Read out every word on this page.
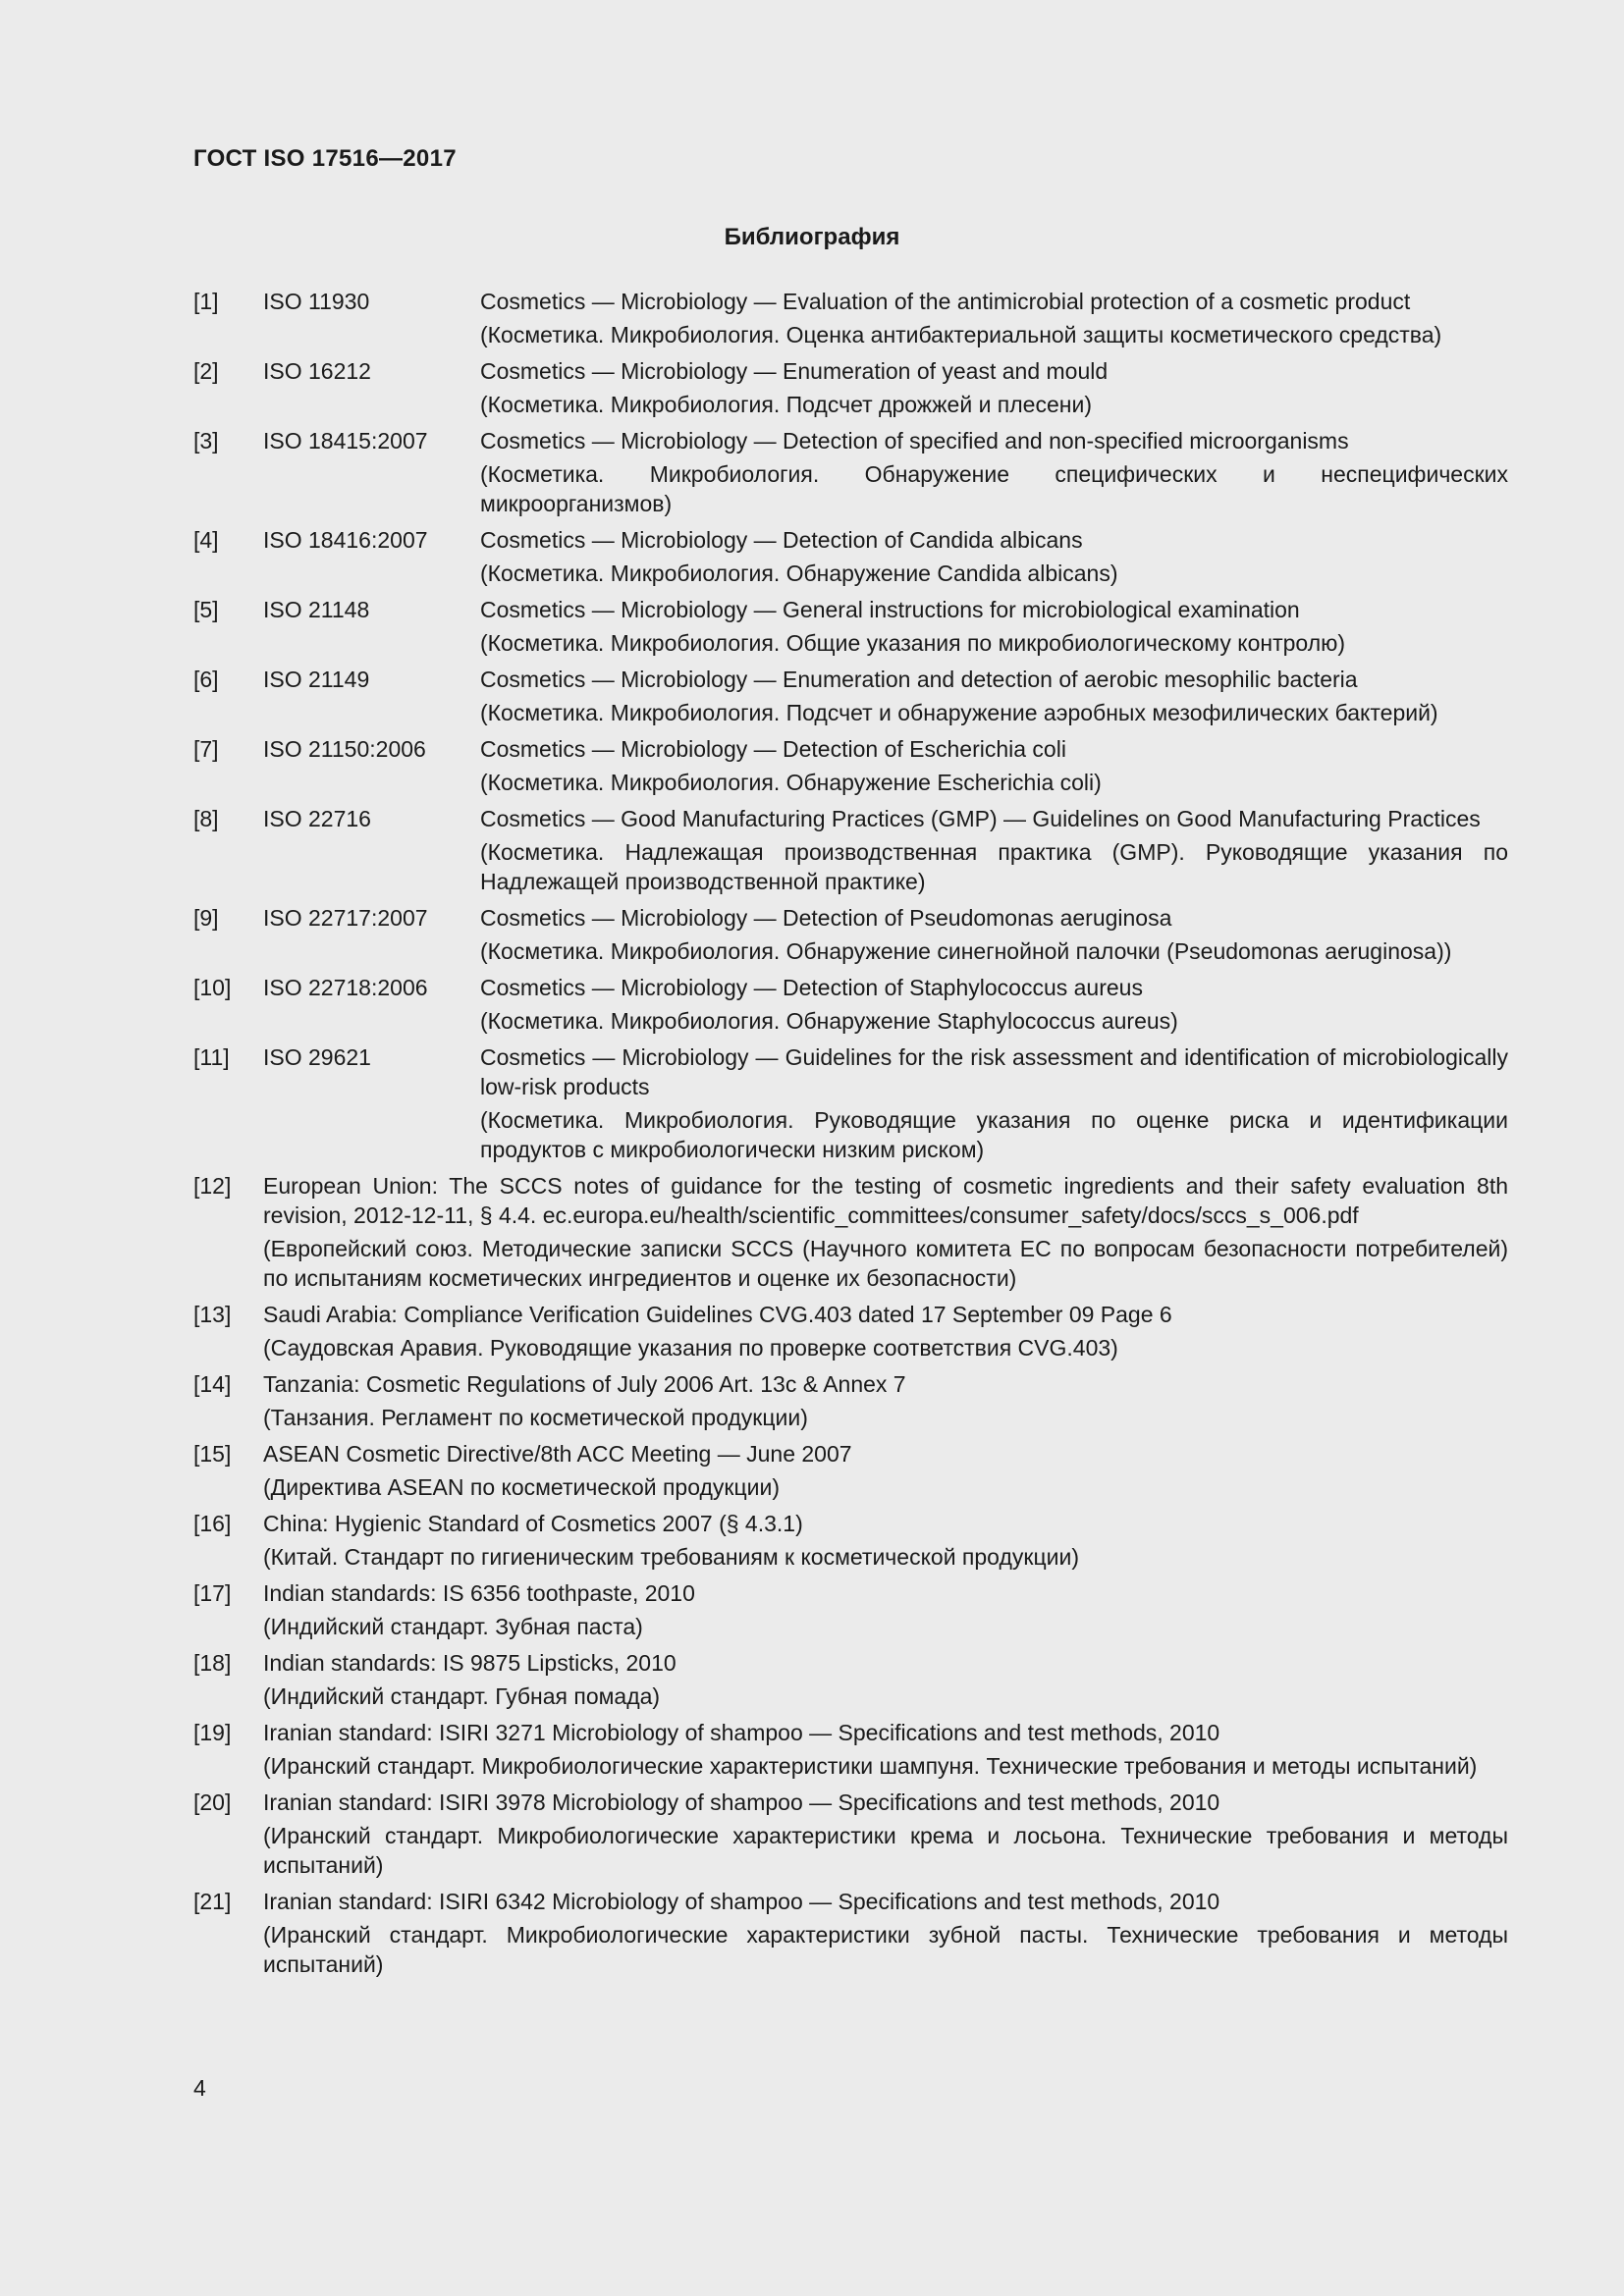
ГОСТ ISO 17516—2017
Библиография
[1]	ISO 11930	Cosmetics — Microbiology — Evaluation of the antimicrobial protection of a cosmetic product
(Косметика. Микробиология. Оценка антибактериальной защиты косметического средства)
[2]	ISO 16212	Cosmetics — Microbiology — Enumeration of yeast and mould
(Косметика. Микробиология. Подсчет дрожжей и плесени)
[3]	ISO 18415:2007	Cosmetics — Microbiology — Detection of specified and non-specified microorganisms
(Косметика. Микробиология. Обнаружение специфических и неспецифических микроорганизмов)
[4]	ISO 18416:2007	Cosmetics — Microbiology — Detection of Candida albicans
(Косметика. Микробиология. Обнаружение Candida albicans)
[5]	ISO 21148	Cosmetics — Microbiology — General instructions for microbiological examination
(Косметика. Микробиология. Общие указания по микробиологическому контролю)
[6]	ISO 21149	Cosmetics — Microbiology — Enumeration and detection of aerobic mesophilic bacteria
(Косметика. Микробиология. Подсчет и обнаружение аэробных мезофилических бактерий)
[7]	ISO 21150:2006	Cosmetics — Microbiology — Detection of Escherichia coli
(Косметика. Микробиология. Обнаружение Escherichia coli)
[8]	ISO 22716	Cosmetics — Good Manufacturing Practices (GMP) — Guidelines on Good Manufacturing Practices
(Косметика. Надлежащая производственная практика (GMP). Руководящие указания по Надлежащей производственной практике)
[9]	ISO 22717:2007	Cosmetics — Microbiology — Detection of Pseudomonas aeruginosa
(Косметика. Микробиология. Обнаружение синегнойной палочки (Pseudomonas aeruginosa))
[10]	ISO 22718:2006	Cosmetics — Microbiology — Detection of Staphylococcus aureus
(Косметика. Микробиология. Обнаружение Staphylococcus aureus)
[11]	ISO 29621	Cosmetics — Microbiology — Guidelines for the risk assessment and identification of microbiologically low-risk products
(Косметика. Микробиология. Руководящие указания по оценке риска и идентификации продуктов с микробиологически низким риском)
[12]	European Union: The SCCS notes of guidance for the testing of cosmetic ingredients and their safety evaluation 8th revision, 2012-12-11, § 4.4. ec.europa.eu/health/scientific_committees/consumer_safety/docs/sccs_s_006.pdf
(Европейский союз. Методические записки SCCS (Научного комитета ЕС по вопросам безопасности потребителей) по испытаниям косметических ингредиентов и оценке их безопасности)
[13]	Saudi Arabia: Compliance Verification Guidelines CVG.403 dated 17 September 09 Page 6
(Саудовская Аравия. Руководящие указания по проверке соответствия CVG.403)
[14]	Tanzania: Cosmetic Regulations of July 2006 Art. 13c & Annex 7
(Танзания. Регламент по косметической продукции)
[15]	ASEAN Cosmetic Directive/8th ACC Meeting — June 2007
(Директива ASEAN по косметической продукции)
[16]	China: Hygienic Standard of Cosmetics 2007 (§ 4.3.1)
(Китай. Стандарт по гигиеническим требованиям к косметической продукции)
[17]	Indian standards: IS 6356 toothpaste, 2010
(Индийский стандарт. Зубная паста)
[18]	Indian standards: IS 9875 Lipsticks, 2010
(Индийский стандарт. Губная помада)
[19]	Iranian standard: ISIRI 3271 Microbiology of shampoo — Specifications and test methods, 2010
(Иранский стандарт. Микробиологические характеристики шампуня. Технические требования и методы испытаний)
[20]	Iranian standard: ISIRI 3978 Microbiology of shampoo — Specifications and test methods, 2010
(Иранский стандарт. Микробиологические характеристики крема и лосьона. Технические требования и методы испытаний)
[21]	Iranian standard: ISIRI 6342 Microbiology of shampoo — Specifications and test methods, 2010
(Иранский стандарт. Микробиологические характеристики зубной пасты. Технические требования и методы испытаний)
4
